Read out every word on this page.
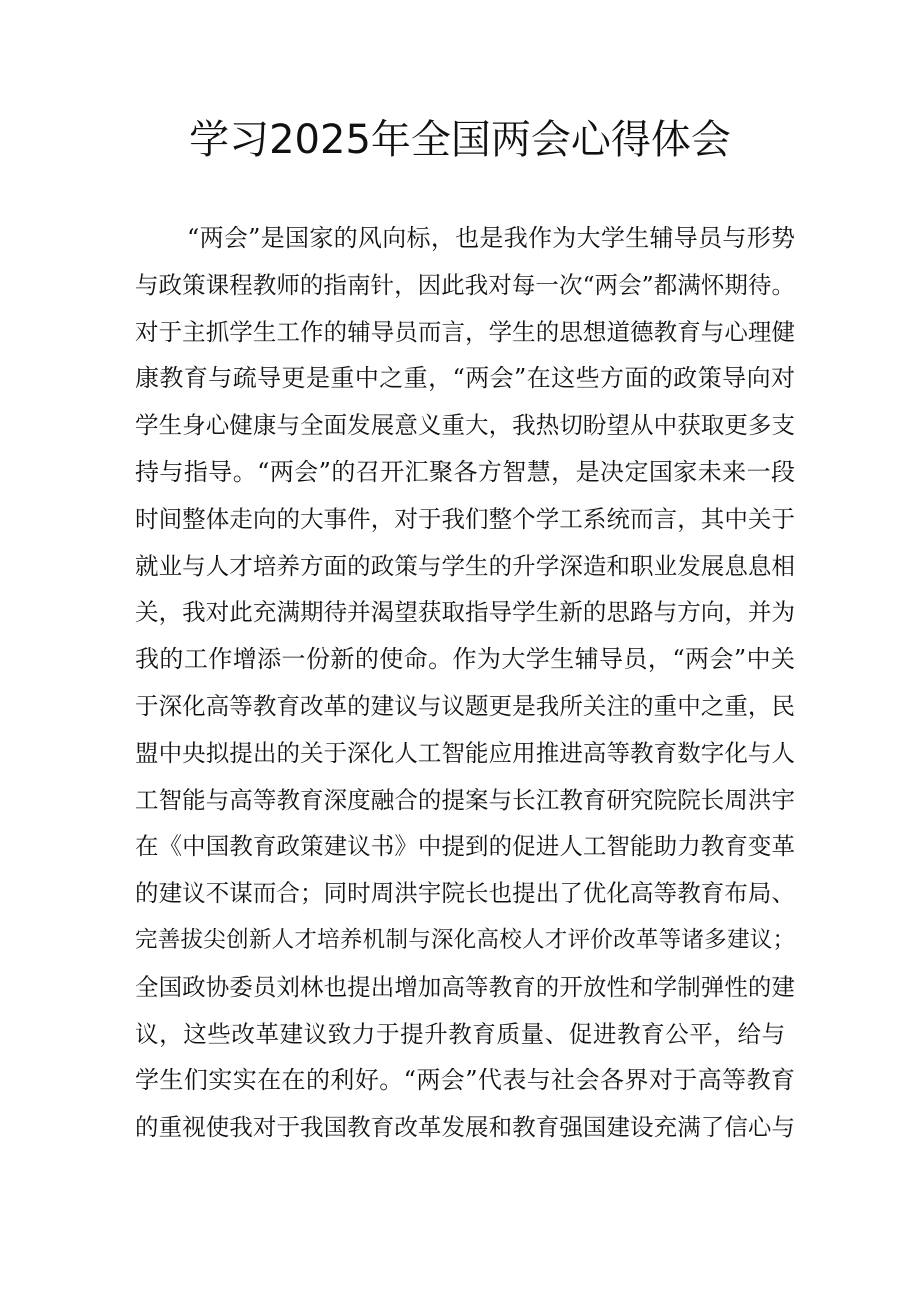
学习2025年全国两会心得体会
“两会”是国家的风向标，也是我作为大学生辅导员与形势
与政策课程教师的指南针，因此我对每一次“两会”都满怀期待。
对于主抓学生工作的辅导员而言，学生的思想道德教育与心理健
康教育与疏导更是重中之重，“两会”在这些方面的政策导向对
学生身心健康与全面发展意义重大，我热切盼望从中获取更多支
持与指导。“两会”的召开汇聚各方智慧，是决定国家未来一段
时间整体走向的大事件，对于我们整个学工系统而言，其中关于
就业与人才培养方面的政策与学生的升学深造和职业发展息息相
关，我对此充满期待并渴望获取指导学生新的思路与方向，并为
我的工作增添一份新的使命。作为大学生辅导员，“两会”中关
于深化高等教育改革的建议与议题更是我所关注的重中之重，民
盟中央拟提出的关于深化人工智能应用推进高等教育数字化与人
工智能与高等教育深度融合的提案与长江教育研究院院长周洪宇
在《中国教育政策建议书》中提到的促进人工智能助力教育变革
的建议不谋而合；同时周洪宇院长也提出了优化高等教育布局、
完善拔尖创新人才培养机制与深化高校人才评价改革等诸多建议；
全国政协委员刘林也提出增加高等教育的开放性和学制弹性的建
议，这些改革建议致力于提升教育质量、促进教育公平，给与
学生们实实在在的利好。“两会”代表与社会各界对于高等教育
的重视使我对于我国教育改革发展和教育强国建设充满了信心与
